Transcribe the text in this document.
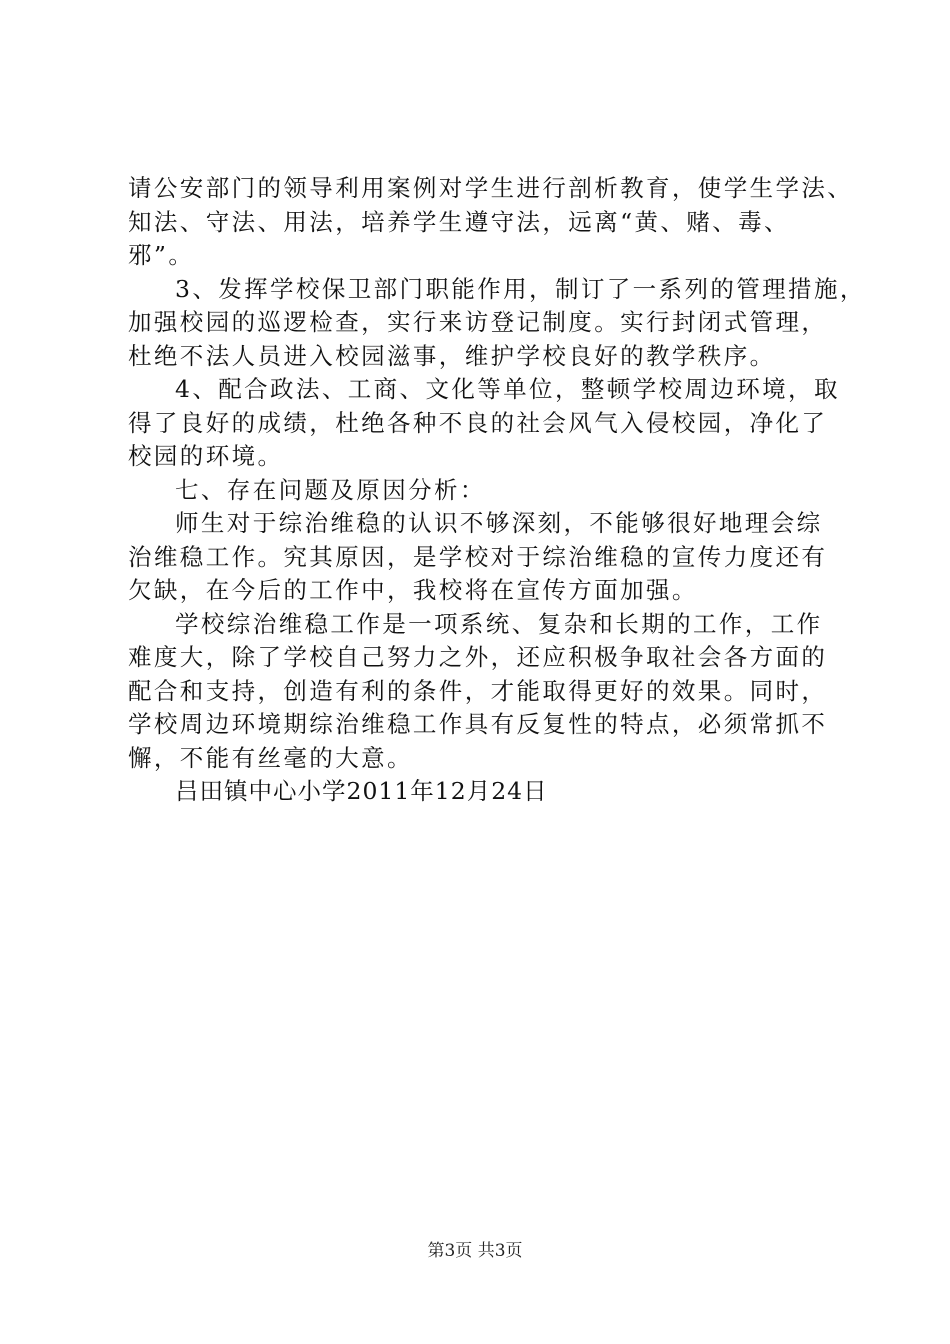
请公安部门的领导利用案例对学生进行剖析教育，使学生学法、
知法、守法、用法，培养学生遵守法，远离“黄、赌、毒、
邪”。
3、发挥学校保卫部门职能作用，制订了一系列的管理措施，
加强校园的巡逻检查，实行来访登记制度。实行封闭式管理，
杜绝不法人员进入校园滋事，维护学校良好的教学秩序。
4、配合政法、工商、文化等单位，整顿学校周边环境，取
得了良好的成绩，杜绝各种不良的社会风气入侵校园，净化了
校园的环境。
七、存在问题及原因分析：
师生对于综治维稳的认识不够深刻，不能够很好地理会综
治维稳工作。究其原因，是学校对于综治维稳的宣传力度还有
欠缺，在今后的工作中，我校将在宣传方面加强。
学校综治维稳工作是一项系统、复杂和长期的工作，工作
难度大，除了学校自己努力之外，还应积极争取社会各方面的
配合和支持，创造有利的条件，才能取得更好的效果。同时，
学校周边环境期综治维稳工作具有反复性的特点，必须常抓不
懈，不能有丝毫的大意。
吕田镇中心小学2011年12月24日
第3页 共3页
